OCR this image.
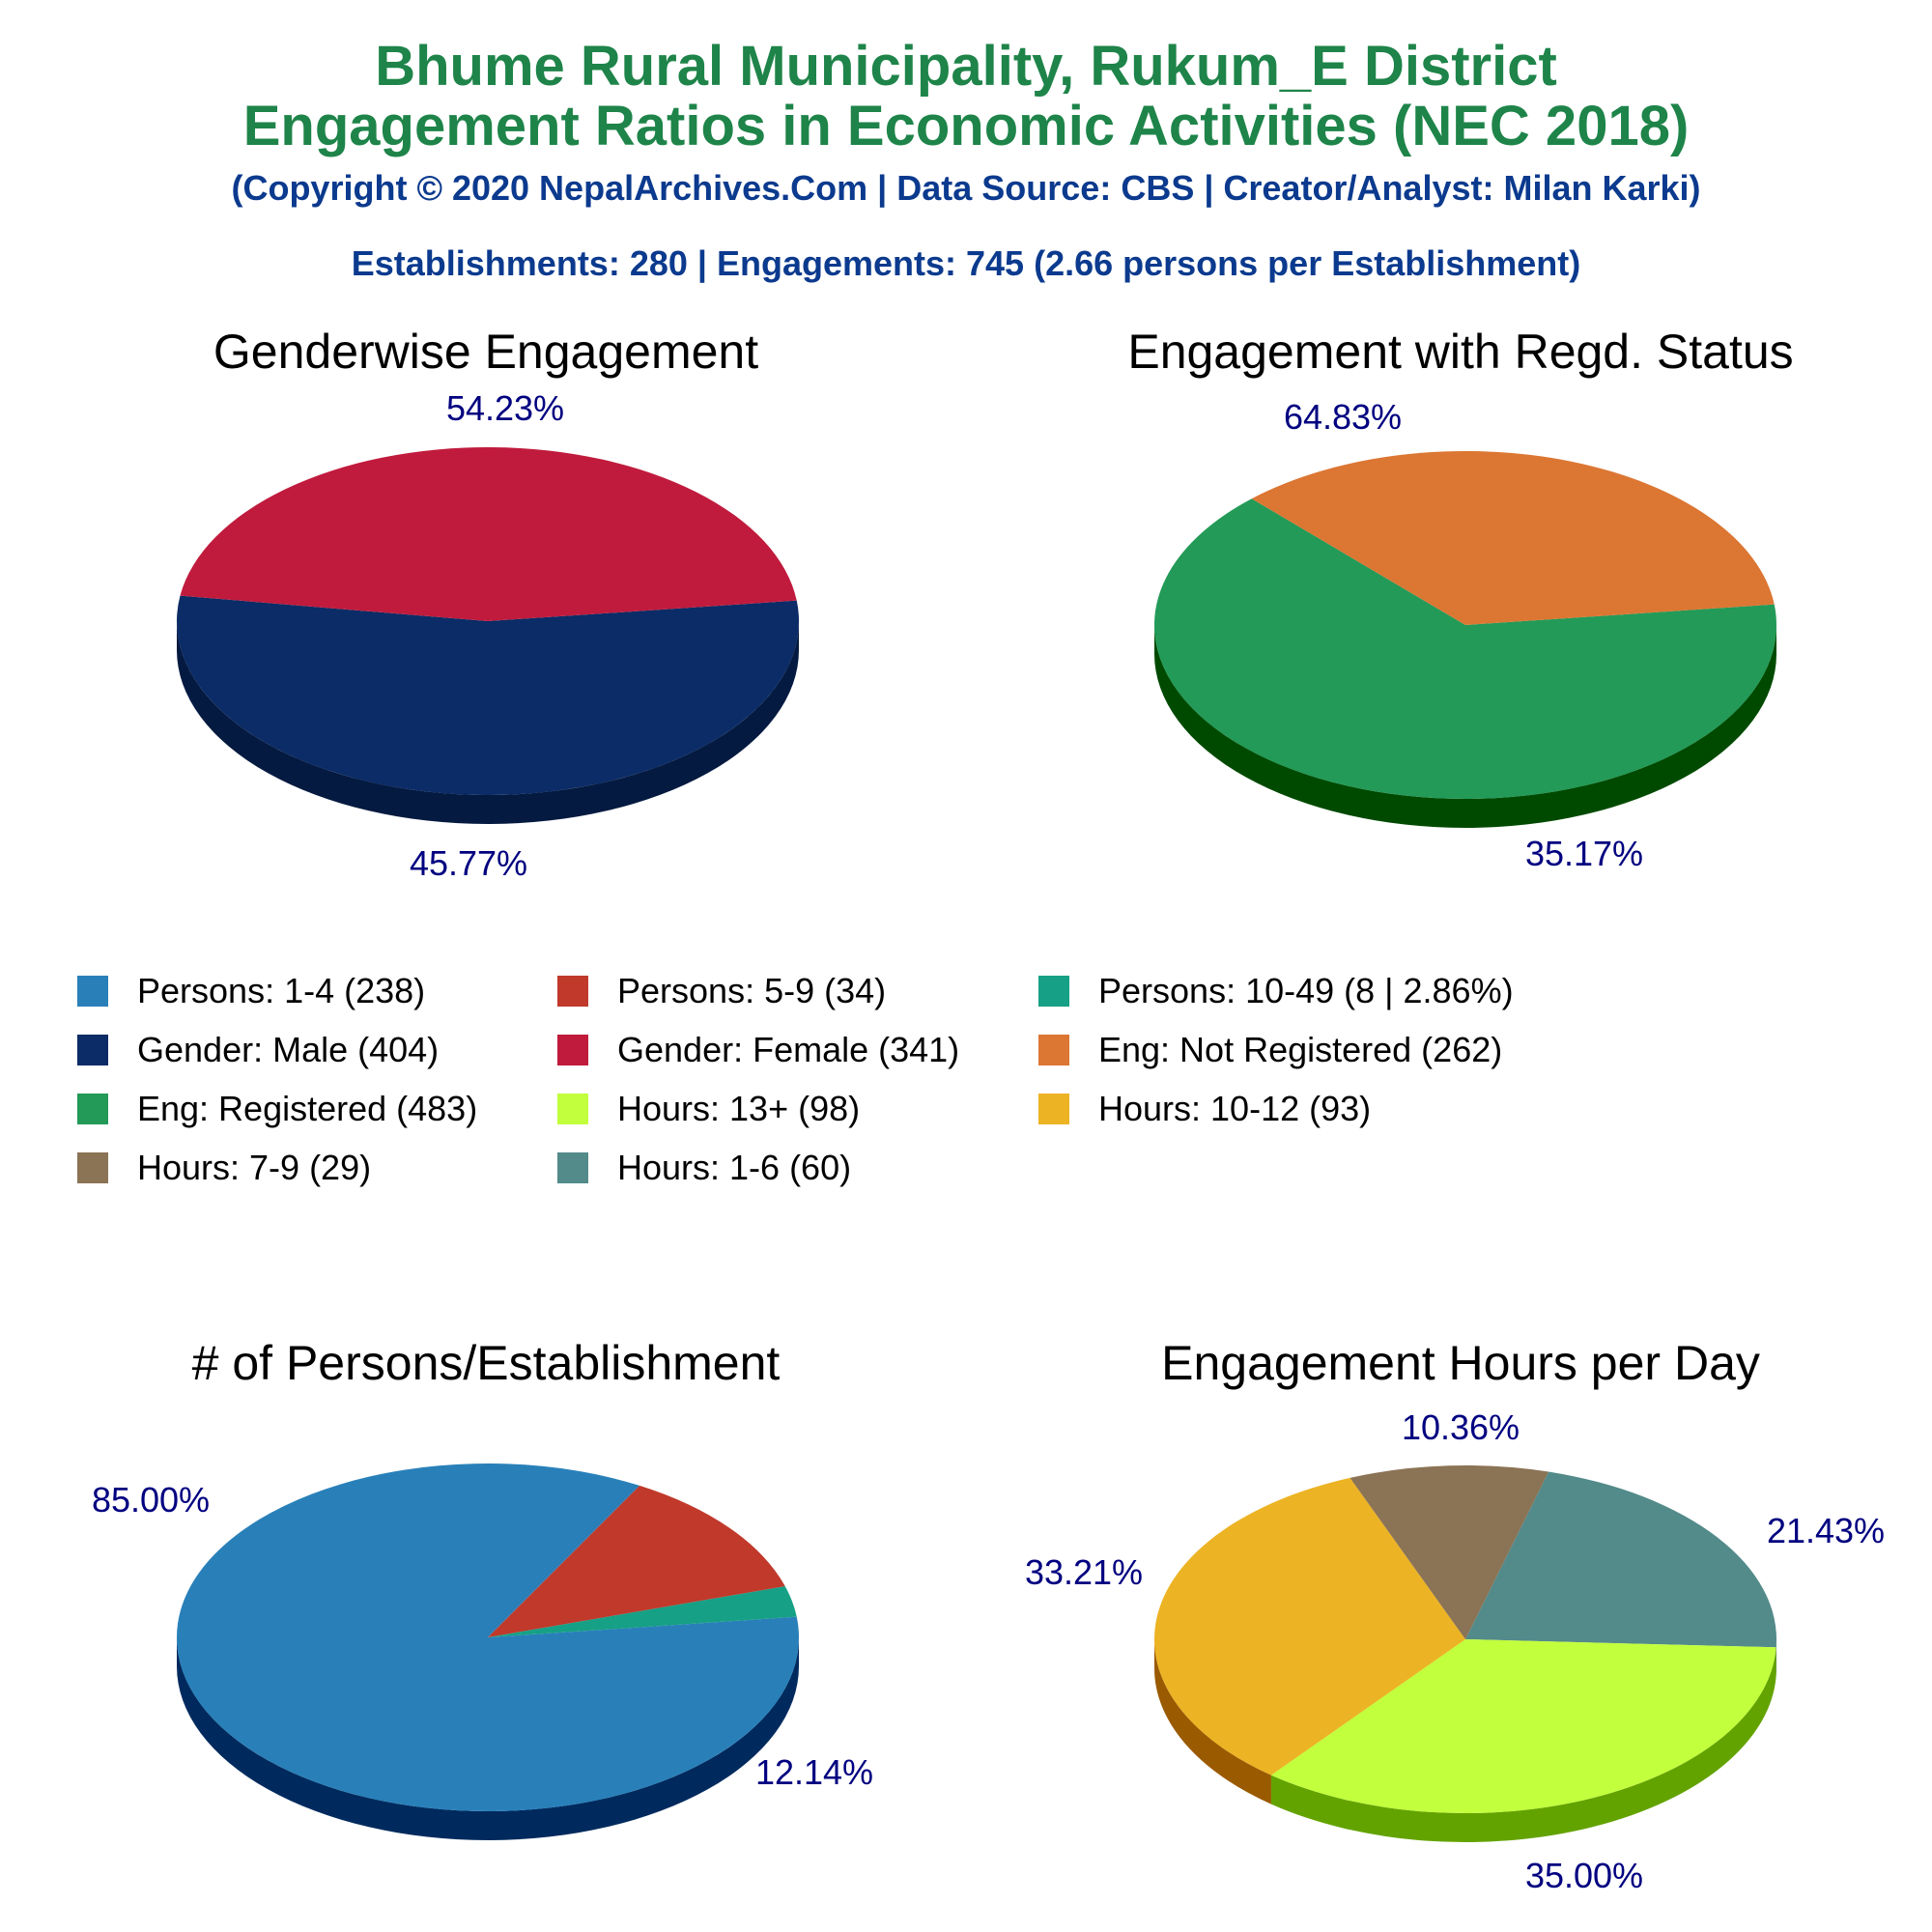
Bhume Rural Municipality, Rukum_E District
Engagement Ratios in Economic Activities (NEC 2018)
(Copyright © 2020 NepalArchives.Com | Data Source: CBS | Creator/Analyst: Milan Karki)
Establishments: 280 | Engagements: 745 (2.66 persons per Establishment)
Genderwise Engagement
54.23%
45.77%
Engagement with Regd. Status
64.83%
35.17%
# of Persons/Establishment
85.00%
12.14%
Engagement Hours per Day
21.43%
35.00%
33.21%
10.36%
Persons: 1-4 (238)	Persons: 5-9 (34)	Persons: 10-49 (8 | 2.86%)
Gender: Male (404)	Gender: Female (341)	Eng: Not Registered (262)
Eng: Registered (483)	Hours: 13+ (98)	Hours: 10-12 (93)
Hours: 7-9 (29)	Hours: 1-6 (60)
